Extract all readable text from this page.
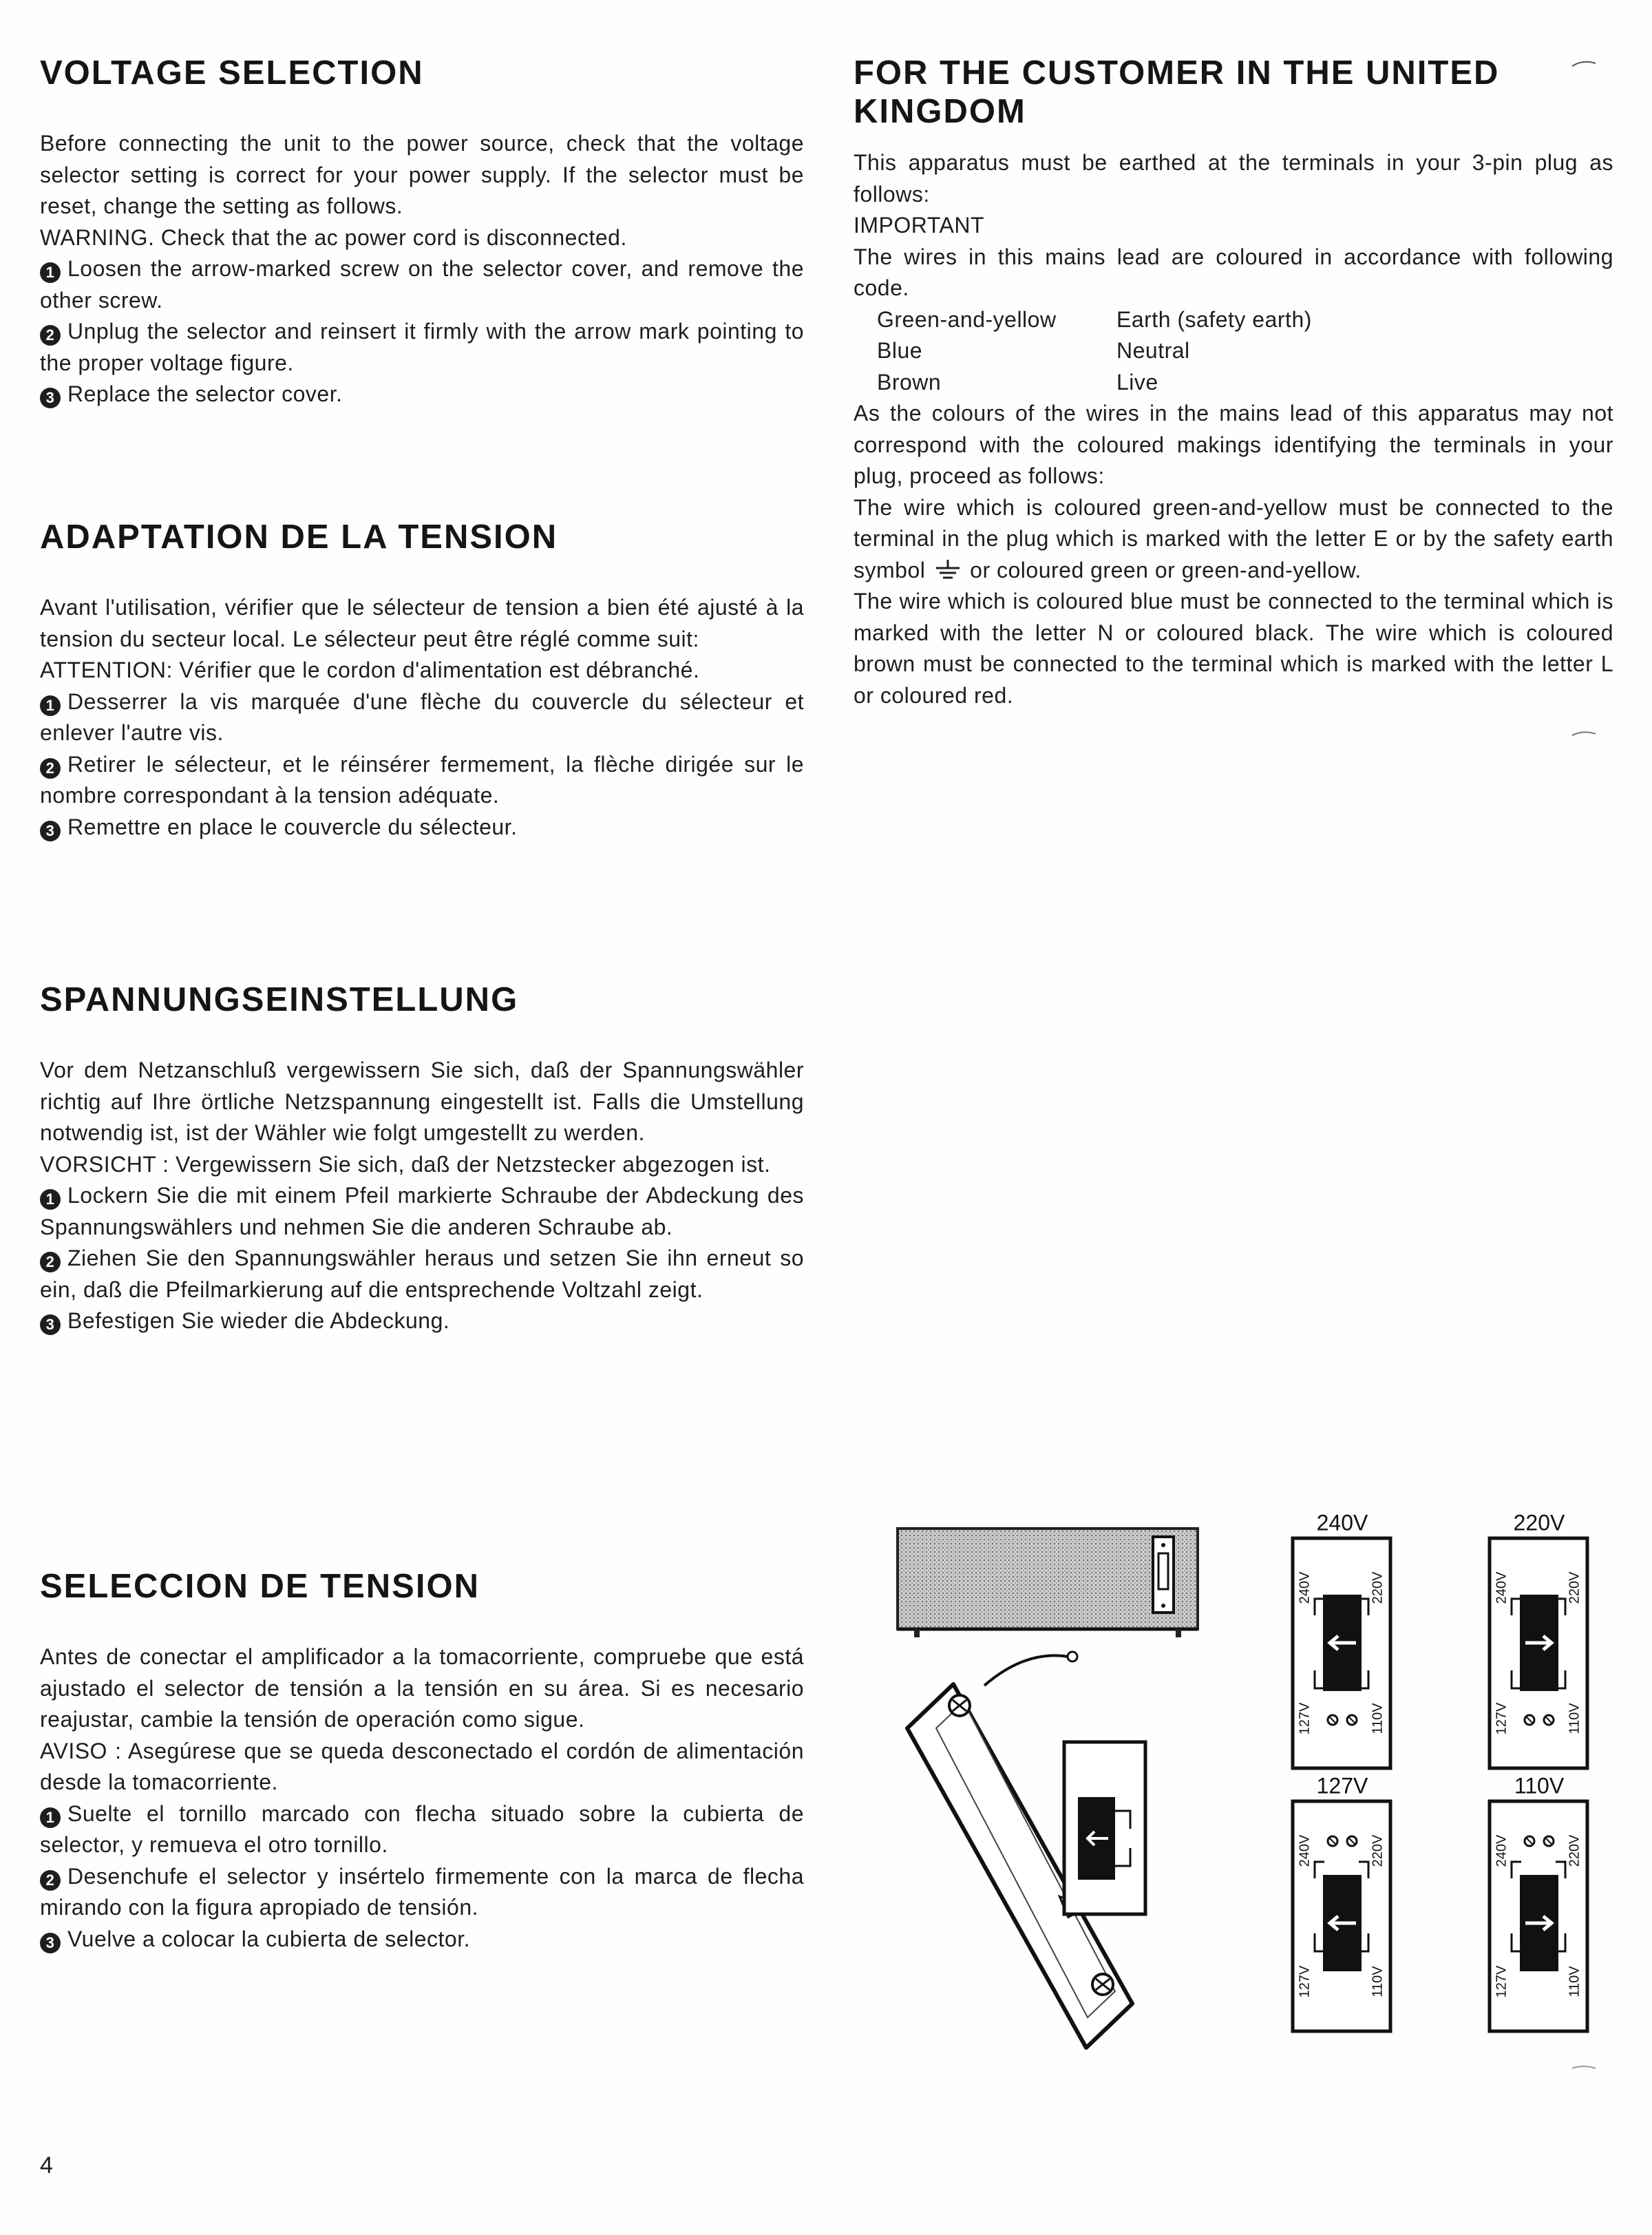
VOLTAGE SELECTION

Before connecting the unit to the power source, check that the voltage selector setting is correct for your power supply. If the selector must be reset, change the setting as follows.

WARNING. Check that the ac power cord is disconnected.

1 Loosen the arrow-marked screw on the selector cover, and remove the other screw.

2 Unplug the selector and reinsert it firmly with the arrow mark pointing to the proper voltage figure.

3 Replace the selector cover.

ADAPTATION DE LA TENSION

Avant l'utilisation, vérifier que le sélecteur de tension a bien été ajusté à la tension du secteur local. Le sélecteur peut être réglé comme suit:

ATTENTION: Vérifier que le cordon d'alimentation est débranché.

1 Desserrer la vis marquée d'une flèche du couvercle du sélecteur et enlever l'autre vis.

2 Retirer le sélecteur, et le réinsérer fermement, la flèche dirigée sur le nombre correspondant à la tension adéquate.

3 Remettre en place le couvercle du sélecteur.

SPANNUNGSEINSTELLUNG

Vor dem Netzanschluß vergewissern Sie sich, daß der Spannungswähler richtig auf Ihre örtliche Netzspannung eingestellt ist. Falls die Umstellung notwendig ist, ist der Wähler wie folgt umgestellt zu werden.

VORSICHT : Vergewissern Sie sich, daß der Netzstecker abgezogen ist.

1 Lockern Sie die mit einem Pfeil markierte Schraube der Abdeckung des Spannungswählers und nehmen Sie die anderen Schraube ab.

2 Ziehen Sie den Spannungswähler heraus und setzen Sie ihn erneut so ein, daß die Pfeilmarkierung auf die entsprechende Voltzahl zeigt.

3 Befestigen Sie wieder die Abdeckung.

SELECCION DE TENSION

Antes de conectar el amplificador a la tomacorriente, compruebe que está ajustado el selector de tensión a la tensión en su área. Si es necesario reajustar, cambie la tensión de operación como sigue.

AVISO : Asegúrese que se queda desconectado el cordón de alimentación desde la tomacorriente.

1 Suelte el tornillo marcado con flecha situado sobre la cubierta de selector, y remueva el otro tornillo.

2 Desenchufe el selector y insértelo firmemente con la marca de flecha mirando con la figura apropiado de tensión.

3 Vuelve a colocar la cubierta de selector.

FOR THE CUSTOMER IN THE UNITED
KINGDOM

This apparatus must be earthed at the terminals in your 3-pin plug as follows:

IMPORTANT

The wires in this mains lead are coloured in accordance with following code.

Green-and-yellow	Earth (safety earth)
Blue	Neutral
Brown	Live

As the colours of the wires in the mains lead of this apparatus may not correspond with the coloured makings identifying the terminals in your plug, proceed as follows:

The wire which is coloured green-and-yellow must be connected to the terminal in the plug which is marked with the letter E or by the safety earth symbol or coloured green or green-and-yellow.

The wire which is coloured blue must be connected to the terminal which is marked with the letter N or coloured black. The wire which is coloured brown must be connected to the terminal which is marked with the letter L or coloured red.

240V
240V	220V
127V	110V
220V
240V	220V
127V	110V
127V
240V	220V
127V	110V
110V
240V	220V
127V	110V
4
